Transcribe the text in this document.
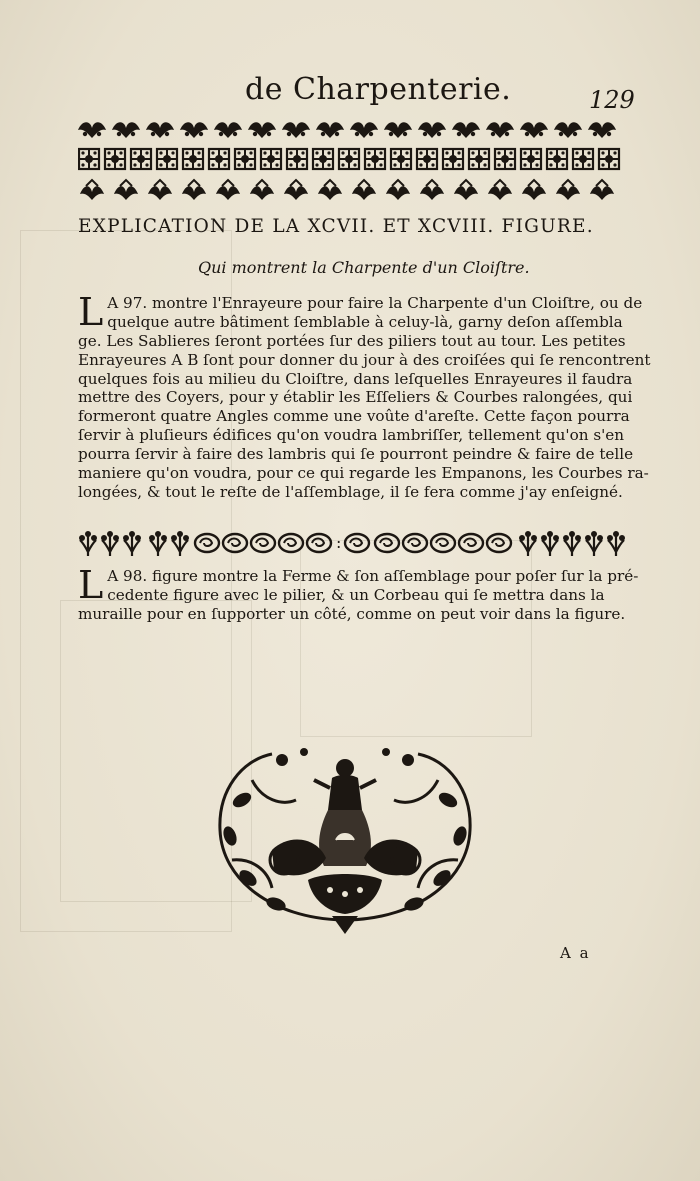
de Charpenterie.	129
EXPLICATION DE LA XCVII. ET XCVIII. FIGURE.
Qui montrent la Charpente d'un Cloiſtre.
L A 97. montre l'Enrayeure pour faire la Charpente d'un Cloiſtre, ou de
quelque autre bâtiment ſemblable à celuy-là, garny deſon aſſembla
ge. Les Sablieres ſeront portées ſur des piliers tout au tour. Les petites
Enrayeures A B ſont pour donner du jour à des croiſées qui ſe rencontrent
quelques fois au milieu du Cloiſtre, dans leſquelles Enrayeures il faudra
mettre des Coyers, pour y établir les Eſſeliers & Courbes ralongées, qui
formeront quatre Angles comme une voûte d'areſte. Cette façon pourra
ſervir à pluſieurs édifices qu'on voudra lambriſſer, tellement qu'on s'en
pourra ſervir à faire des lambris qui ſe pourront peindre & faire de telle
maniere qu'on voudra, pour ce qui regarde les Empanons, les Courbes ra-
longées, & tout le reſte de l'aſſemblage, il ſe fera comme j'ay enſeigné.
:
L A 98. figure montre la Ferme & ſon aſſemblage pour poſer ſur la pré-
cedente figure avec le pilier, & un Corbeau qui ſe mettra dans la
muraille pour en ſupporter un côté, comme on peut voir dans la figure.
A a
